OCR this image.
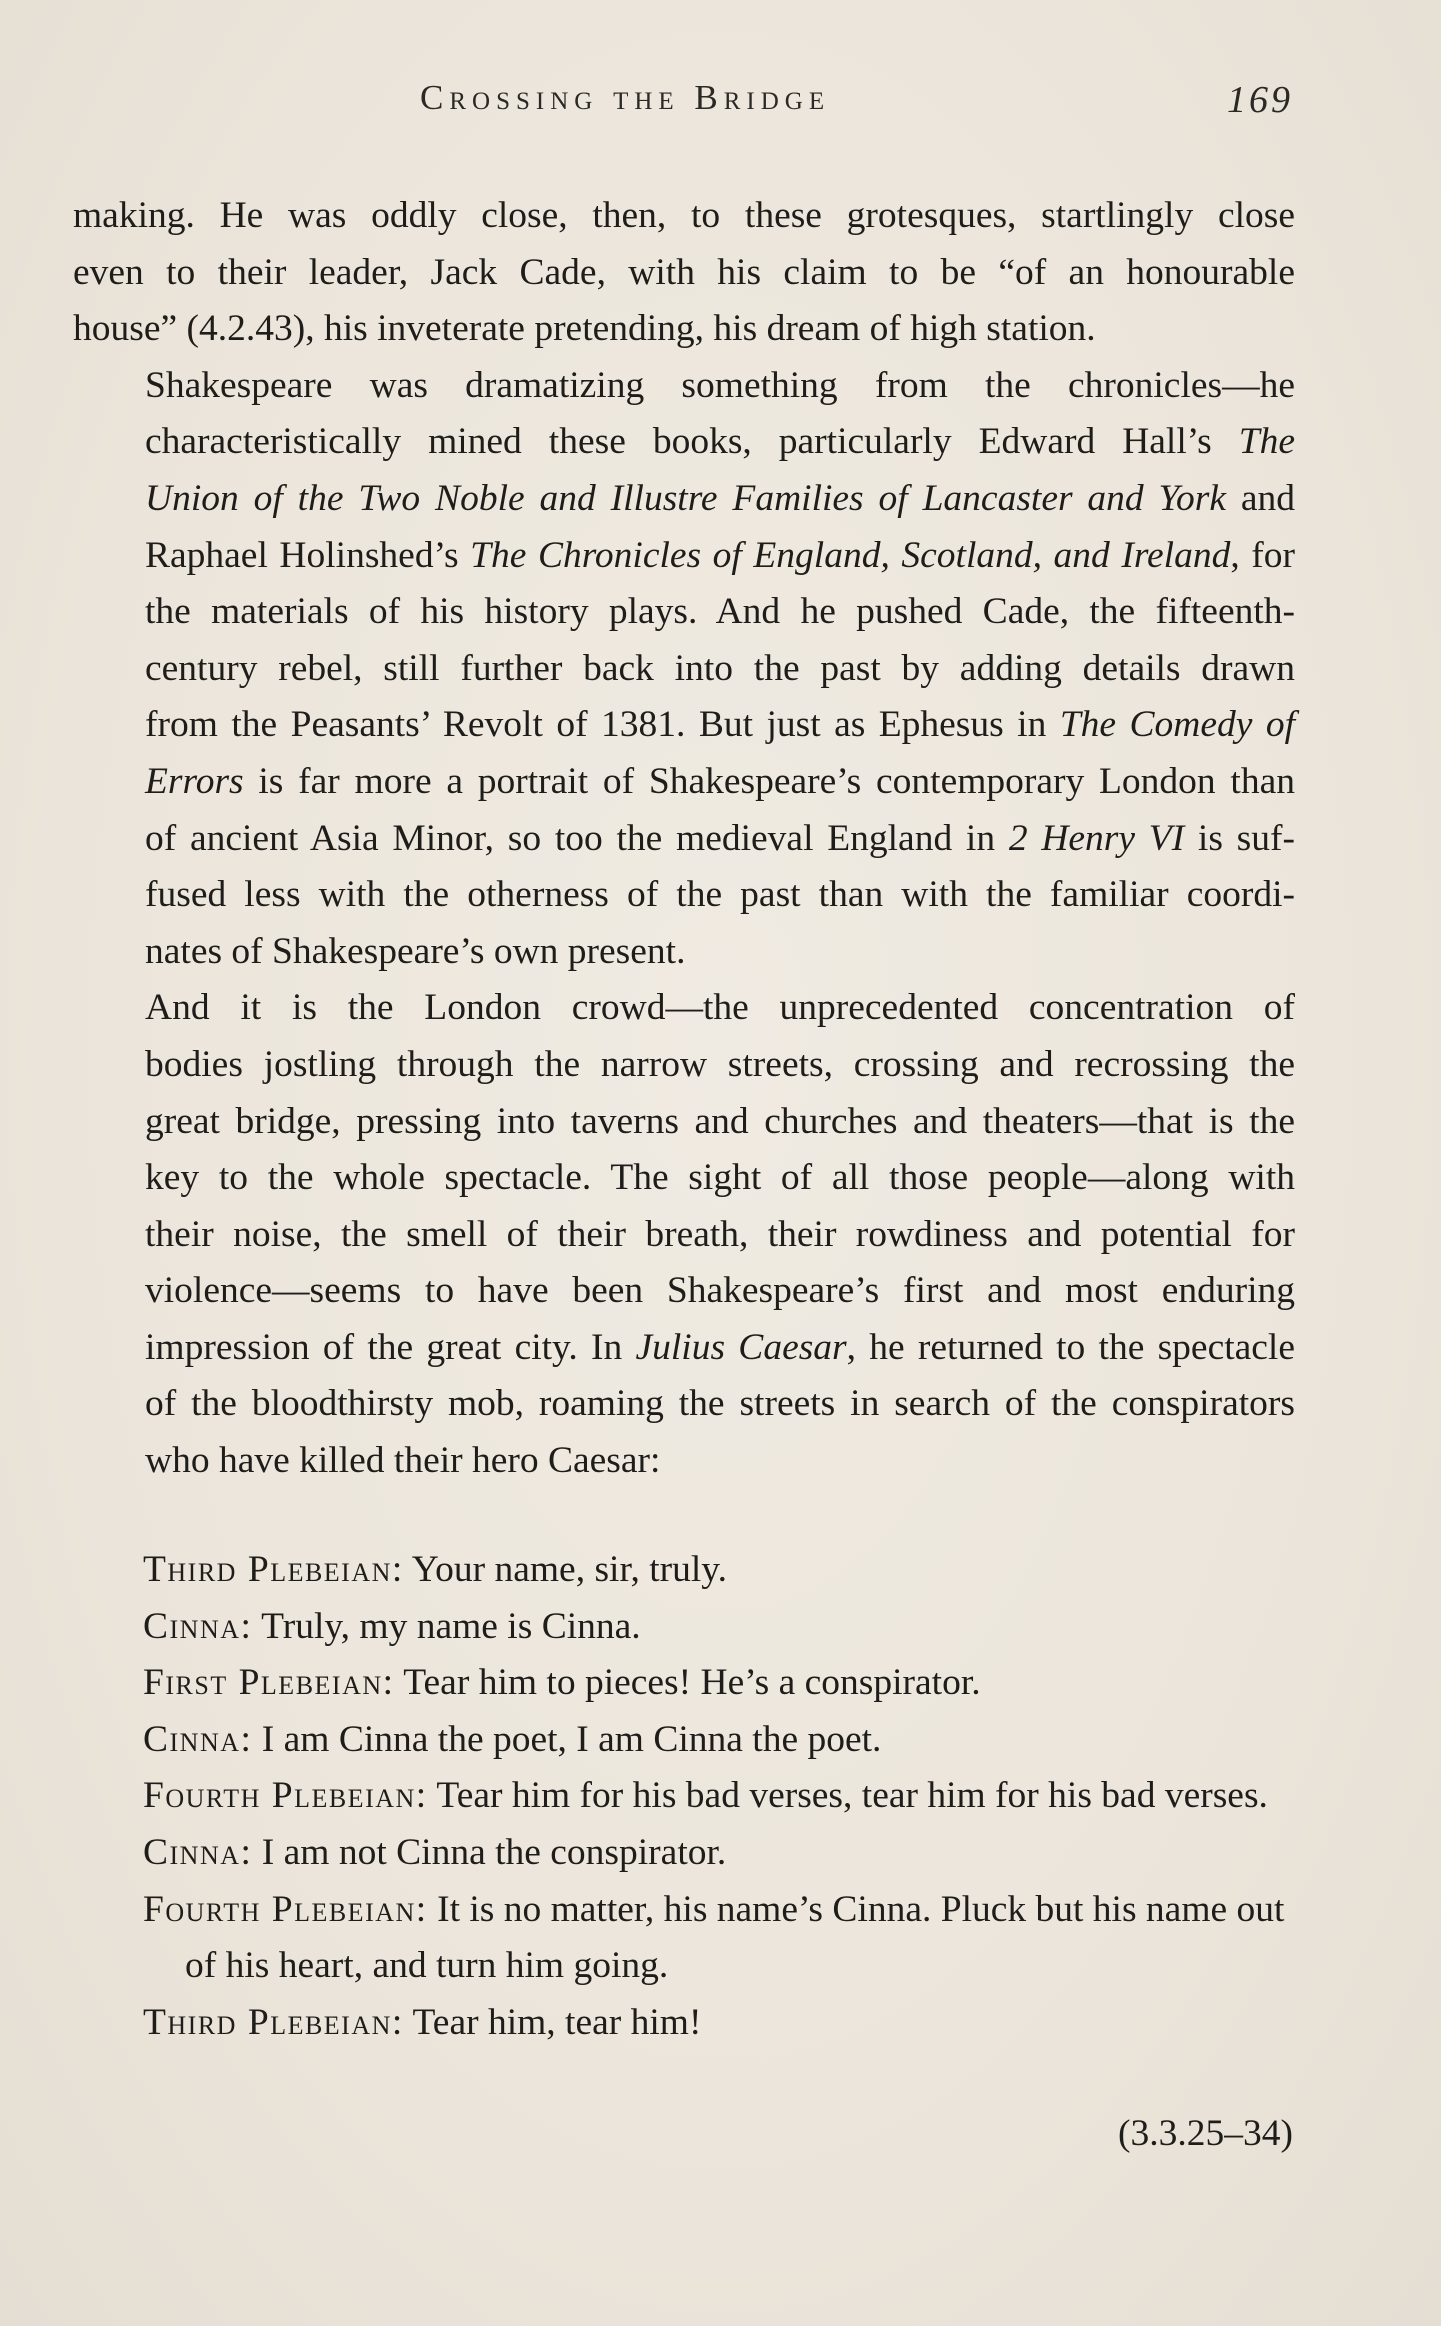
Crossing the Bridge	169

making. He was oddly close, then, to these grotesques, startlingly close
even to their leader, Jack Cade, with his claim to be “of an honourable
house” (4.2.43), his inveterate pretending, his dream of high station.

Shakespeare was dramatizing something from the chronicles—he
characteristically mined these books, particularly Edward Hall’s The
Union of the Two Noble and Illustre Families of Lancaster and York and
Raphael Holinshed’s The Chronicles of England, Scotland, and Ireland, for
the materials of his history plays. And he pushed Cade, the fifteenth-
century rebel, still further back into the past by adding details drawn
from the Peasants’ Revolt of 1381. But just as Ephesus in The Comedy of
Errors is far more a portrait of Shakespeare’s contemporary London than
of ancient Asia Minor, so too the medieval England in 2 Henry VI is suf-
fused less with the otherness of the past than with the familiar coordi-
nates of Shakespeare’s own present.

And it is the London crowd—the unprecedented concentration of
bodies jostling through the narrow streets, crossing and recrossing the
great bridge, pressing into taverns and churches and theaters—that is the
key to the whole spectacle. The sight of all those people—along with
their noise, the smell of their breath, their rowdiness and potential for
violence—seems to have been Shakespeare’s first and most enduring
impression of the great city. In Julius Caesar, he returned to the spectacle
of the bloodthirsty mob, roaming the streets in search of the conspirators
who have killed their hero Caesar:

Third Plebeian: Your name, sir, truly.

Cinna: Truly, my name is Cinna.

First Plebeian: Tear him to pieces! He’s a conspirator.

Cinna: I am Cinna the poet, I am Cinna the poet.

Fourth Plebeian: Tear him for his bad verses, tear him for his bad verses.

Cinna: I am not Cinna the conspirator.

Fourth Plebeian: It is no matter, his name’s Cinna. Pluck but his name out of his heart, and turn him going.

Third Plebeian: Tear him, tear him!

(3.3.25–34)
